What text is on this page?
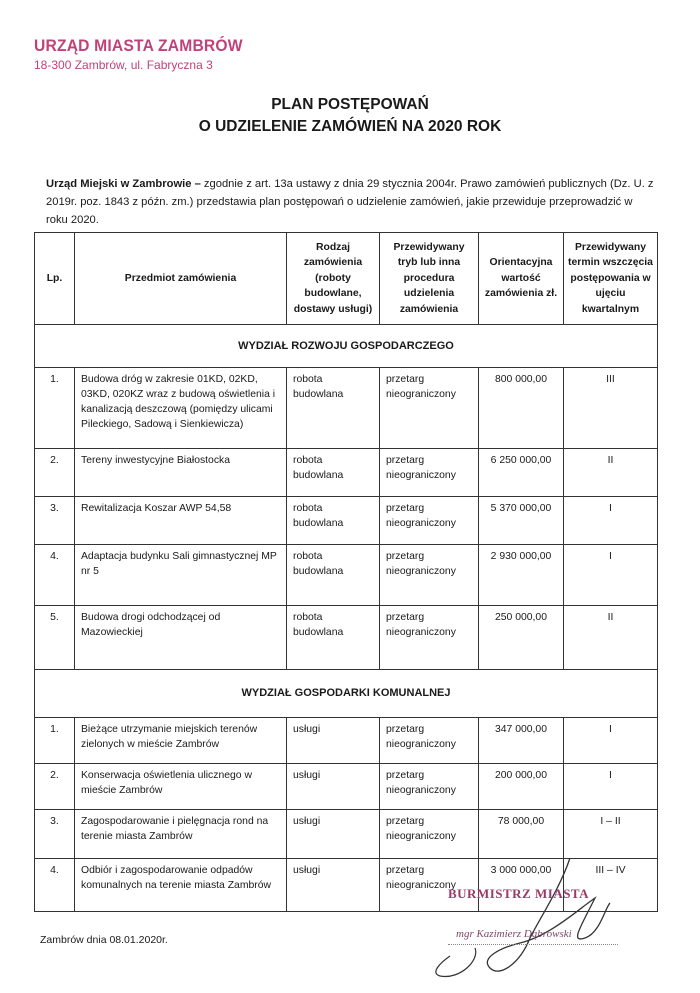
URZĄD MIASTA ZAMBRÓW
18-300 Zambrów, ul. Fabryczna 3
PLAN POSTĘPOWAŃ
O UDZIELENIE ZAMÓWIEŃ NA 2020 ROK
Urząd Miejski w Zambrowie – zgodnie z art. 13a ustawy z dnia 29 stycznia 2004r. Prawo zamówień publicznych (Dz. U. z 2019r. poz. 1843 z późn. zm.) przedstawia plan postępowań o udzielenie zamówień, jakie przewiduje przeprowadzić w roku 2020.
Lp.	Przedmiot zamówienia	Rodzaj zamówienia (roboty budowlane, dostawy usługi)	Przewidywany tryb lub inna procedura udzielenia zamówienia	Orientacyjna wartość zamówienia zł.	Przewidywany termin wszczęcia postępowania w ujęciu kwartalnym
WYDZIAŁ ROZWOJU GOSPODARCZEGO					
1.	Budowa dróg w zakresie 01KD, 02KD, 03KD, 020KZ wraz z budową oświetlenia i kanalizacją deszczową (pomiędzy ulicami Pileckiego, Sadową i Sienkiewicza)	robota budowlana	przetarg nieograniczony	800 000,00	III
2.	Tereny inwestycyjne Białostocka	robota budowlana	przetarg nieograniczony	6 250 000,00	II
3.	Rewitalizacja Koszar AWP 54,58	robota budowlana	przetarg nieograniczony	5 370 000,00	I
4.	Adaptacja budynku Sali gimnastycznej MP nr 5	robota budowlana	przetarg nieograniczony	2 930 000,00	I
5.	Budowa drogi odchodzącej od Mazowieckiej	robota budowlana	przetarg nieograniczony	250 000,00	II
WYDZIAŁ GOSPODARKI KOMUNALNEJ					
1.	Bieżące utrzymanie miejskich terenów zielonych w mieście Zambrów	usługi	przetarg nieograniczony	347 000,00	I
2.	Konserwacja oświetlenia ulicznego w mieście Zambrów	usługi	przetarg nieograniczony	200 000,00	I
3.	Zagospodarowanie i pielęgnacja rond na terenie miasta Zambrów	usługi	przetarg nieograniczony	78 000,00	I – II
4.	Odbiór i zagospodarowanie odpadów komunalnych na terenie miasta Zambrów	usługi	przetarg nieograniczony	3 000 000,00	III – IV
BURMISTRZ MIASTA
mgr Kazimierz Dąbrowski
Zambrów dnia 08.01.2020r.
